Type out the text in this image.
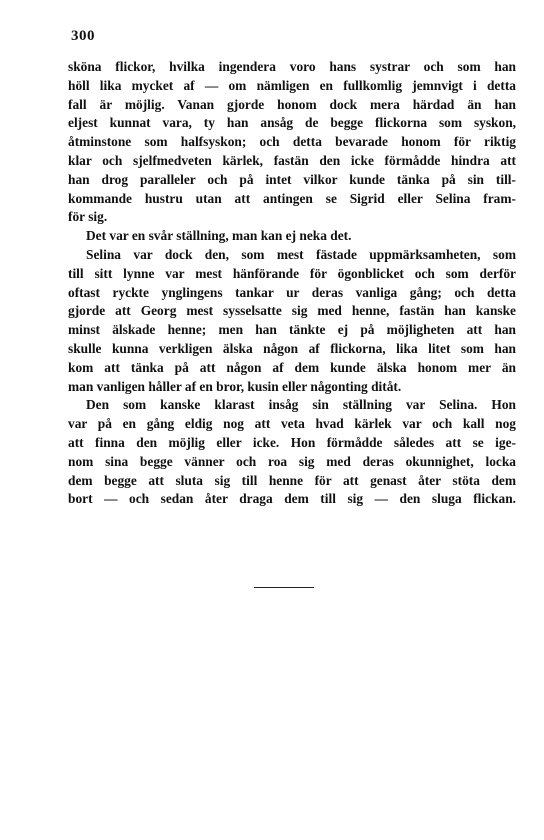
300
sköna flickor, hvilka ingendera voro hans systrar och som han
höll lika mycket af — om nämligen en fullkomlig jemnvigt i detta
fall är möjlig. Vanan gjorde honom dock mera härdad än han
eljest kunnat vara, ty han ansåg de begge flickorna som syskon,
åtminstone som halfsyskon; och detta bevarade honom för riktig
klar och sjelfmedveten kärlek, fastän den icke förmådde hindra att
han drog paralleler och på intet vilkor kunde tänka på sin till-
kommande hustru utan att antingen se Sigrid eller Selina fram-
för sig.
Det var en svår ställning, man kan ej neka det.
Selina var dock den, som mest fästade uppmärksamheten, som
till sitt lynne var mest hänförande för ögonblicket och som derför
oftast ryckte ynglingens tankar ur deras vanliga gång; och detta
gjorde att Georg mest sysselsatte sig med henne, fastän han kanske
minst älskade henne; men han tänkte ej på möjligheten att han
skulle kunna verkligen älska någon af flickorna, lika litet som han
kom att tänka på att någon af dem kunde älska honom mer än
man vanligen håller af en bror, kusin eller någonting ditåt.
Den som kanske klarast insåg sin ställning var Selina. Hon
var på en gång eldig nog att veta hvad kärlek var och kall nog
att finna den möjlig eller icke. Hon förmådde således att se ige-
nom sina begge vänner och roa sig med deras okunnighet, locka
dem begge att sluta sig till henne för att genast åter stöta dem
bort — och sedan åter draga dem till sig — den sluga flickan.
